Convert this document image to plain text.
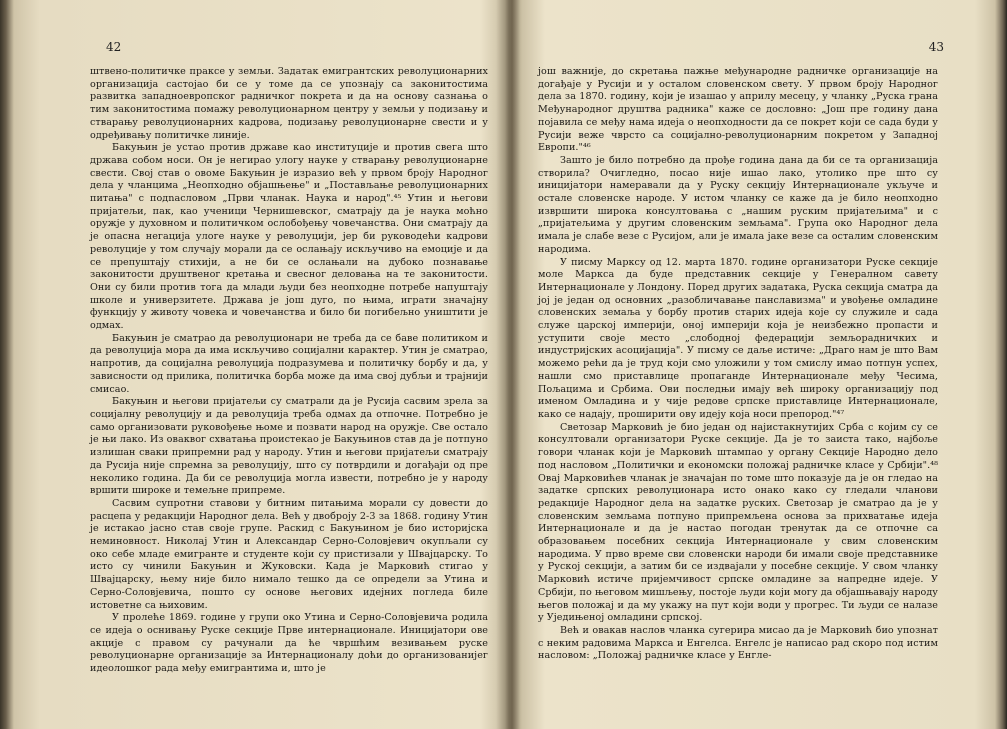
42

штвено-политичке праксе у земљи. Задатак емигрантских револуционарних организација састојао би се у томе да се упознају са законитостима развитка западноевропског радничког покрета и да на основу сазнања о тим законитостима помажу револуционарном центру у земљи у подизању и стварању револуционарних кадрова, подизању револуционарне свести и у одређивању политичке линије.

Бакуњин је устао против државе као институције и против свега што држава собом носи. Он је негирао улогу науке у стварању револуционарне свести. Свој став о овоме Бакуњин је изразио већ у првом броју Народног дела у чланцима „Неопходно објашњење" и „Постављање револуционарних питања" с подnасловом „Први чланак. Наука и народ".⁴⁵ Утин и његови пријатељи, пак, као ученици Чернишевског, сматрају да је наука моћно оружје у духовном и политичком ослобођењу човечанства. Они сматрају да је опасна негација улоге науке у револуцији, јер би руководећи кадрови револуције у том случају морали да се ослањају искључиво на емоције и да се препуштају стихији, а не би се ослањали на дубоко познавање законитости друштвеног кретања и свесног деловања на те законитости. Они су били против тога да млади људи без неопходне потребе напуштају школе и универзитете. Држава је још дуго, по њима, играти значајну функцију у животу човека и човечанства и било би погибељно уништити је одмах.

Бакуњин је сматрао да револуционари не треба да се баве политиком и да револуција мора да има искључиво социјални карактер. Утин је сматрао, напротив, да социјална револуција подразумева и политичку борбу и да, у зависности од прилика, политичка борба може да има свој дубљи и трајнији смисао.

Бакуњин и његови пријатељи су сматрали да је Русија сасвим зрела за социјалну револуцију и да револуција треба одмах да отпочне. Потребно је само организовати руковођење њоме и позвати народ на оружје. Све остало је њи лако. Из оваквог схватања проистекао је Бакуњинов став да је потпуно излишан сваки припремни рад у народу. Утин и његови пријатељи сматрају да Русија није спремна за револуцију, што су потврдили и догађаји од пре неколико година. Да би се револуција могла извести, потребно је у народу вршити широке и темељне припреме.

Сасвим супротни ставови у битним питањима морали су довести до расцепа у редакцији Народног дела. Већ у двоброју 2-3 за 1868. годину Утин је истакао јасно став своје групе. Раскид с Бакуњином је био историјска неминовност. Николај Утин и Александар Серно-Соловјевич окупљали су око себе младе емигранте и студенте који су пристизали у Швајцарску. То исто су чинили Бакуњин и Жуковски. Када је Марковић стигао у Швајцарску, њему није било нимало тешко да се определи за Утина и Серно-Соловјевича, пошто су основе његових идејних погледа биле истоветне са њиховим.

У пролеће 1869. године у групи око Утина и Серно-Соловјевича родила се идеја о оснивању Руске секције Прве интернационале. Иницијатори ове акције с правом су рачунали да ће чвршћим везивањем руске револуционарне организације за Интернационалу доћи до организованијег идеолошког рада међу емигрантима и, што је

43

још важније, до скретања пажње међународне радничке организације на догађаје у Русији и у осталом словенском свету. У првом броју Народног дела за 1870. годину, који је изашао у априлу месецу, у чланку „Руска грана Међународног друштва радника" каже се дословно: „Још пре годину дана појавила се међу нама идеја о неопходности да се покрет који се сада буди у Русији веже чврсто са социјално-револуционарним покретом у Западној Европи."⁴⁶

Зашто је било потребно да прође година дана да би се та организација створила? Очигледно, посао није ишао лако, утолико пре што су иницијатори намеравали да у Руску секцију Интернационале укључе и остале словенске народе. У истом чланку се каже да је било неопходно извршити широка консултовања с „нашим руским пријатељима" и с „пријатељима у другим словенским земљама". Група око Народног дела имала је слабе везе с Русијом, али је имала јаке везе са осталим словенским народима.

У писму Марксу од 12. марта 1870. године организатори Руске секције моле Маркса да буде представник секције у Генералном савету Интернационале у Лондону. Поред других задатака, Руска секција сматра да јој је један од основних „разобличавање панславизма" и увођење омладине словенских земаља у борбу против старих идеја које су служиле и сада служе царској империји, оној империји која је неизбежно пропасти и уступити своје место „слободној федерацији земљорадничких и индустријских асоцијација". У писму се даље истиче: „Драго нам је што Вам можемо рећи да је труд који смо уложили у том смислу имао потпун успех, нашли смо приставлице пропаганде Интернационале међу Чесима, Пољацима и Србима. Ови последњи имају већ широку организацију под именом Омладина и у чије редове српске приставлице Интернационале, како се надају, проширити ову идеју која носи препород."⁴⁷

Светозар Марковић је био један од најистакнутијих Срба с којим су се консултовали организатори Руске секције. Да је то заиста тако, најбоље говори чланак који је Марковић штампао у органу Секције Народно дело под насловом „Политички и економски положај радничке класе у Србији".⁴⁸ Овај Марковићев чланак је значајан по томе што показује да је он гледао на задатке српских револуционара исто онако како су гледали чланови редакције Народног дела на задатке руских. Светозар је сматрао да је у словенским земљама потпуно припремљена основа за прихватање идеја Интернационале и да је настао погодан тренутак да се отпочне са образовањем посебних секција Интернационале у свим словенским народима. У прво време сви словенски народи би имали своје представнике у Руској секцији, а затим би се издвајали у посебне секције. У свом чланку Марковић истиче пријемчивост српске омладине за напредне идеје. У Србији, по његовом мишљењу, постоје људи који могу да објашњавају народу његов положај и да му укажу на пут који води у прогрес. Ти људи се налазе у Уједињеној омладини српској.

Већ и овакав наслов чланка сугерира мисао да је Марковић био упознат с неким радовима Маркса и Енгелса. Енгелс је написао рад скоро под истим насловом: „Положај радничке класе у Енгле-
